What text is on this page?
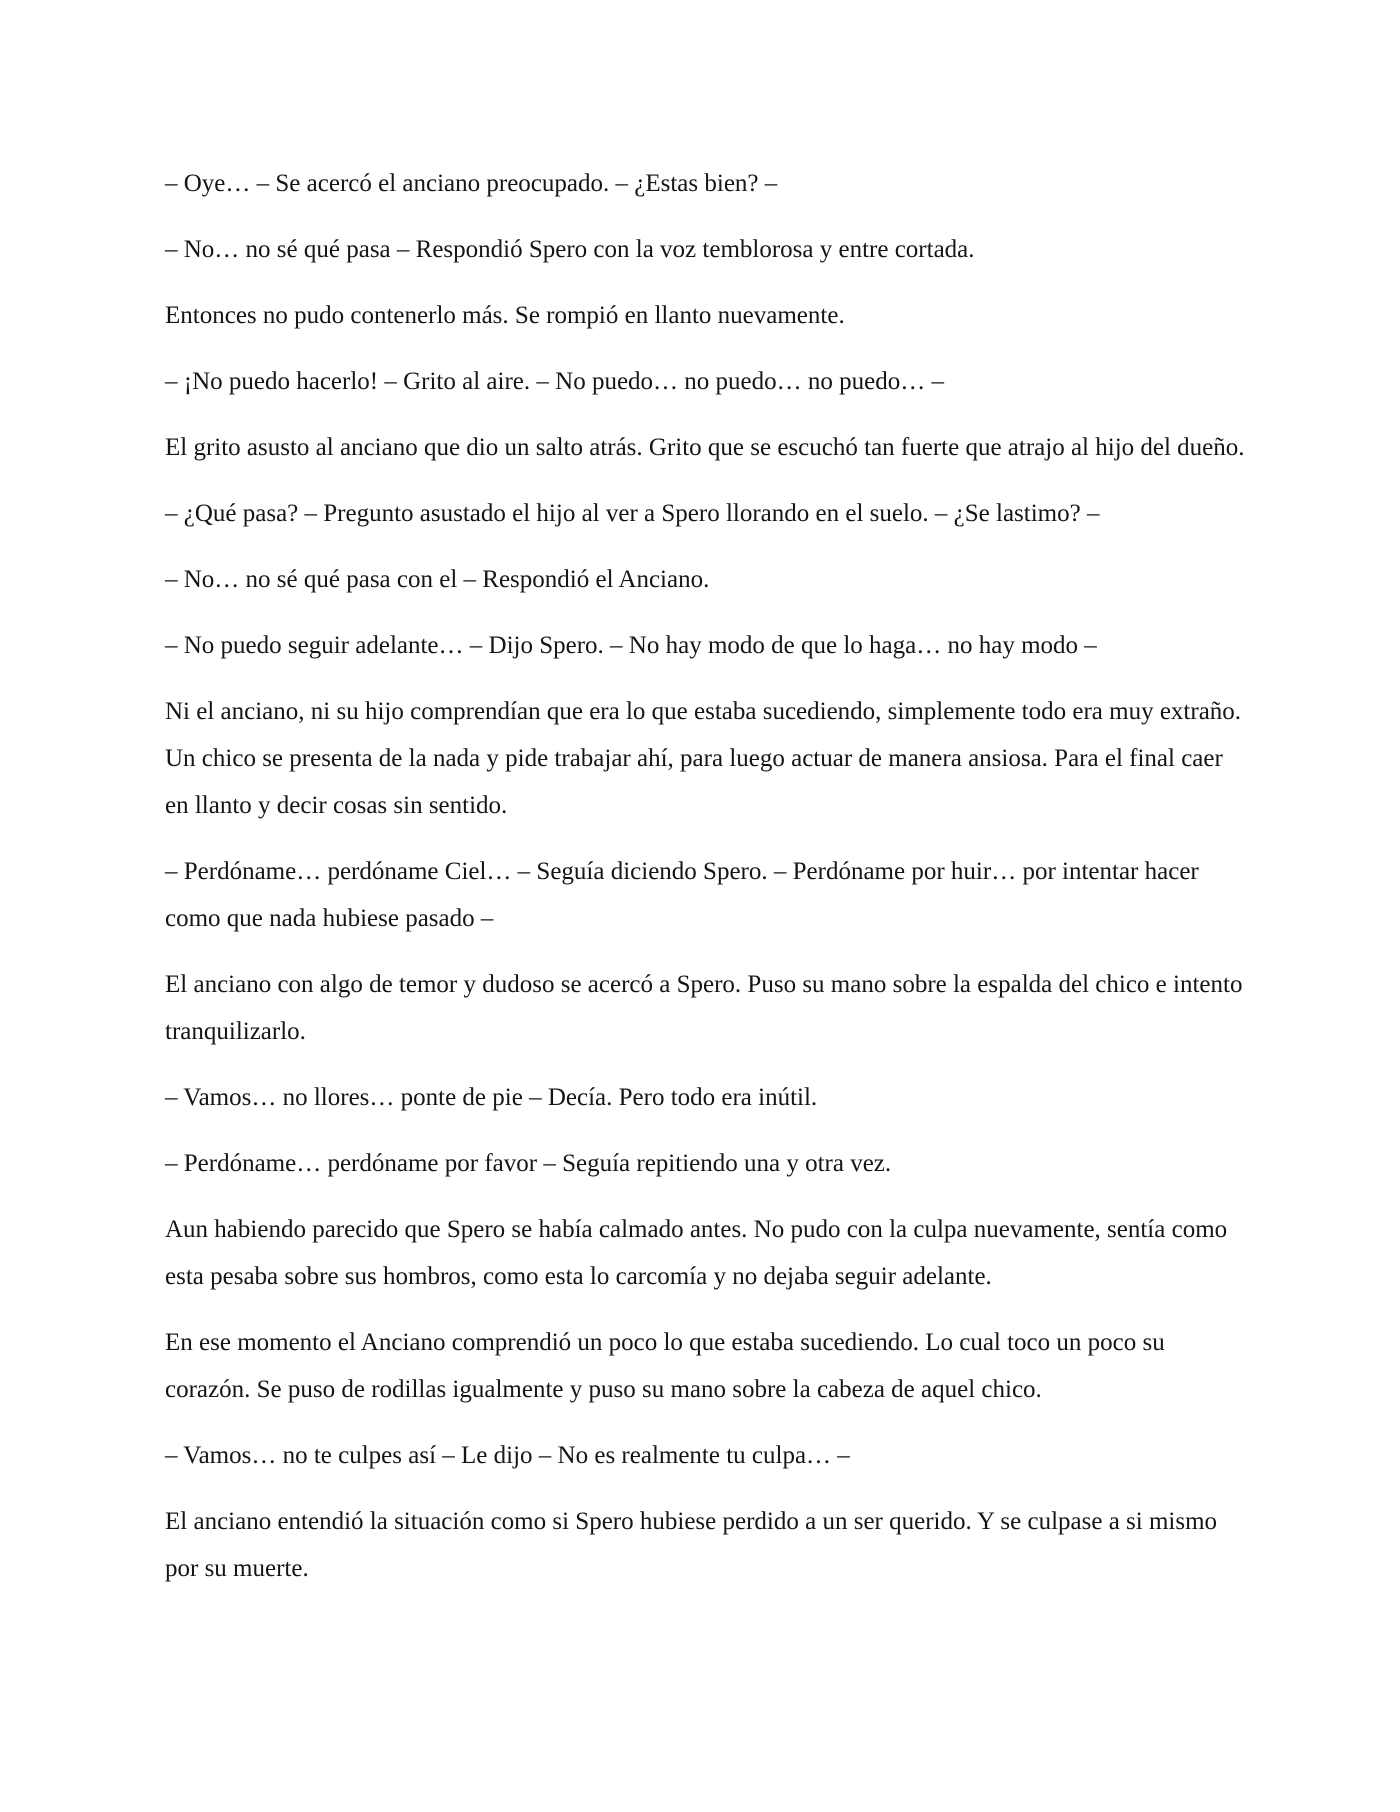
– Oye… – Se acercó el anciano preocupado. – ¿Estas bien? –

– No… no sé qué pasa – Respondió Spero con la voz temblorosa y entre cortada.

Entonces no pudo contenerlo más. Se rompió en llanto nuevamente.

– ¡No puedo hacerlo! – Grito al aire. – No puedo… no puedo… no puedo… –

El grito asusto al anciano que dio un salto atrás. Grito que se escuchó tan fuerte que atrajo al hijo del dueño.

– ¿Qué pasa? – Pregunto asustado el hijo al ver a Spero llorando en el suelo. – ¿Se lastimo? –

– No… no sé qué pasa con el – Respondió el Anciano.

– No puedo seguir adelante… – Dijo Spero. – No hay modo de que lo haga… no hay modo –

Ni el anciano, ni su hijo comprendían que era lo que estaba sucediendo, simplemente todo era muy extraño. Un chico se presenta de la nada y pide trabajar ahí, para luego actuar de manera ansiosa. Para el final caer en llanto y decir cosas sin sentido.

– Perdóname… perdóname Ciel… – Seguía diciendo Spero. – Perdóname por huir… por intentar hacer como que nada hubiese pasado –

El anciano con algo de temor y dudoso se acercó a Spero. Puso su mano sobre la espalda del chico e intento tranquilizarlo.

– Vamos… no llores… ponte de pie – Decía. Pero todo era inútil.

– Perdóname… perdóname por favor – Seguía repitiendo una y otra vez.

Aun habiendo parecido que Spero se había calmado antes. No pudo con la culpa nuevamente, sentía como esta pesaba sobre sus hombros, como esta lo carcomía y no dejaba seguir adelante.

En ese momento el Anciano comprendió un poco lo que estaba sucediendo. Lo cual toco un poco su corazón. Se puso de rodillas igualmente y puso su mano sobre la cabeza de aquel chico.

– Vamos… no te culpes así – Le dijo – No es realmente tu culpa… –

El anciano entendió la situación como si Spero hubiese perdido a un ser querido. Y se culpase a si mismo por su muerte.
